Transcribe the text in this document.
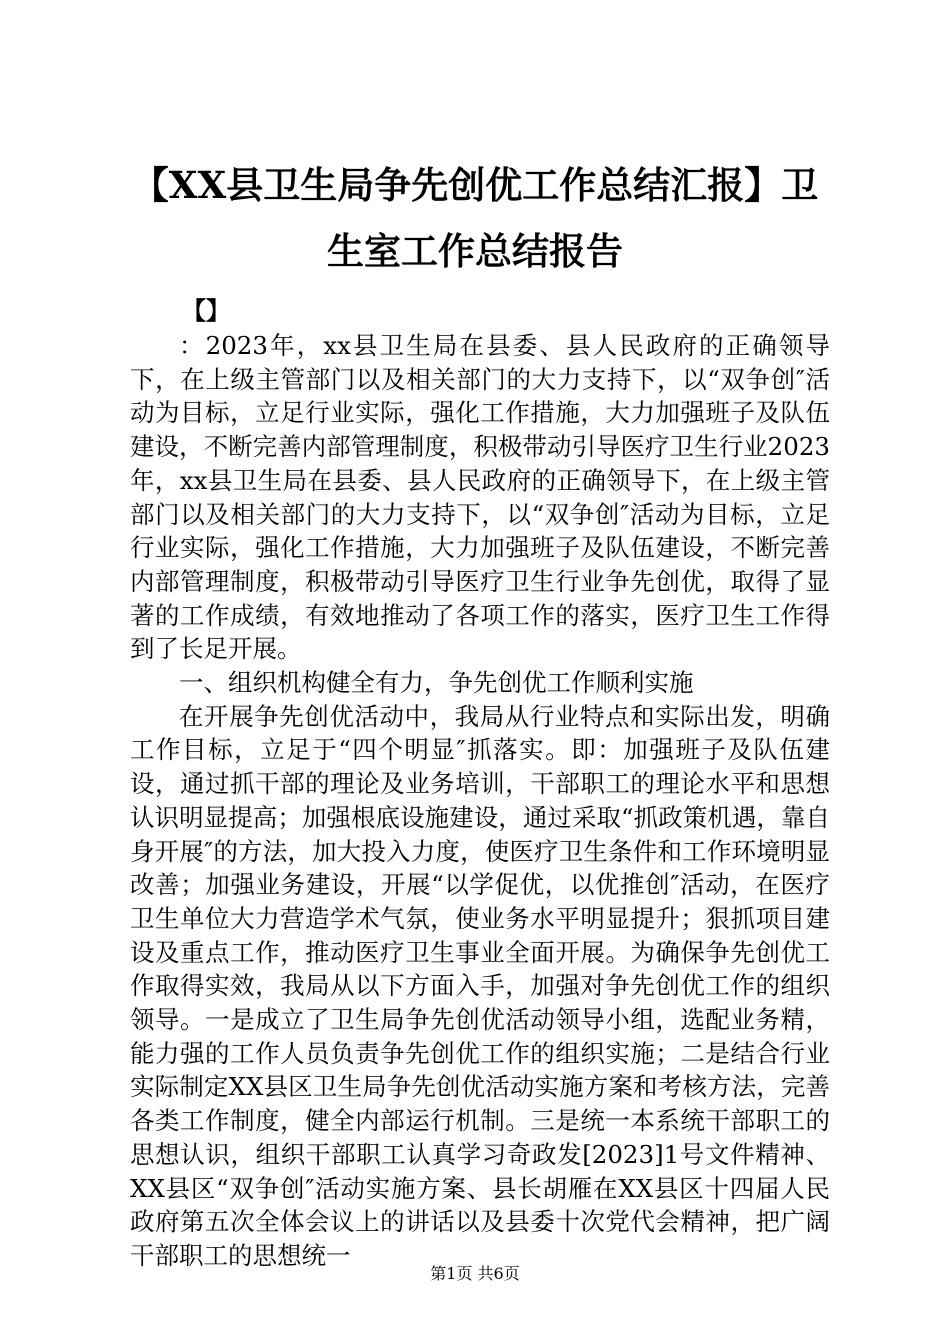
【XX县卫生局争先创优工作总结汇报】卫生室工作总结报告
【】

：2023年，xx县卫生局在县委、县人民政府的正确领导下，在上级主管部门以及相关部门的大力支持下，以“双争创″活动为目标，立足行业实际，强化工作措施，大力加强班子及队伍建设，不断完善内部管理制度，积极带动引导医疗卫生行业2023年，xx县卫生局在县委、县人民政府的正确领导下，在上级主管部门以及相关部门的大力支持下，以“双争创″活动为目标，立足行业实际，强化工作措施，大力加强班子及队伍建设，不断完善内部管理制度，积极带动引导医疗卫生行业争先创优，取得了显著的工作成绩，有效地推动了各项工作的落实，医疗卫生工作得到了长足开展。

一、组织机构健全有力，争先创优工作顺利实施

在开展争先创优活动中，我局从行业特点和实际出发，明确工作目标，立足于“四个明显″抓落实。即：加强班子及队伍建设，通过抓干部的理论及业务培训，干部职工的理论水平和思想认识明显提高；加强根底设施建设，通过采取“抓政策机遇，靠自身开展″的方法，加大投入力度，使医疗卫生条件和工作环境明显改善；加强业务建设，开展“以学促优，以优推创″活动，在医疗卫生单位大力营造学术气氛，使业务水平明显提升；狠抓项目建设及重点工作，推动医疗卫生事业全面开展。为确保争先创优工作取得实效，我局从以下方面入手，加强对争先创优工作的组织领导。一是成立了卫生局争先创优活动领导小组，选配业务精，能力强的工作人员负责争先创优工作的组织实施；二是结合行业实际制定XX县区卫生局争先创优活动实施方案和考核方法，完善各类工作制度，健全内部运行机制。三是统一本系统干部职工的思想认识，组织干部职工认真学习奇政发[2023]1号文件精神、XX县区“双争创″活动实施方案、县长胡雁在XX县区十四届人民政府第五次全体会议上的讲话以及县委十次党代会精神，把广阔干部职工的思想统一

第1页 共6页
